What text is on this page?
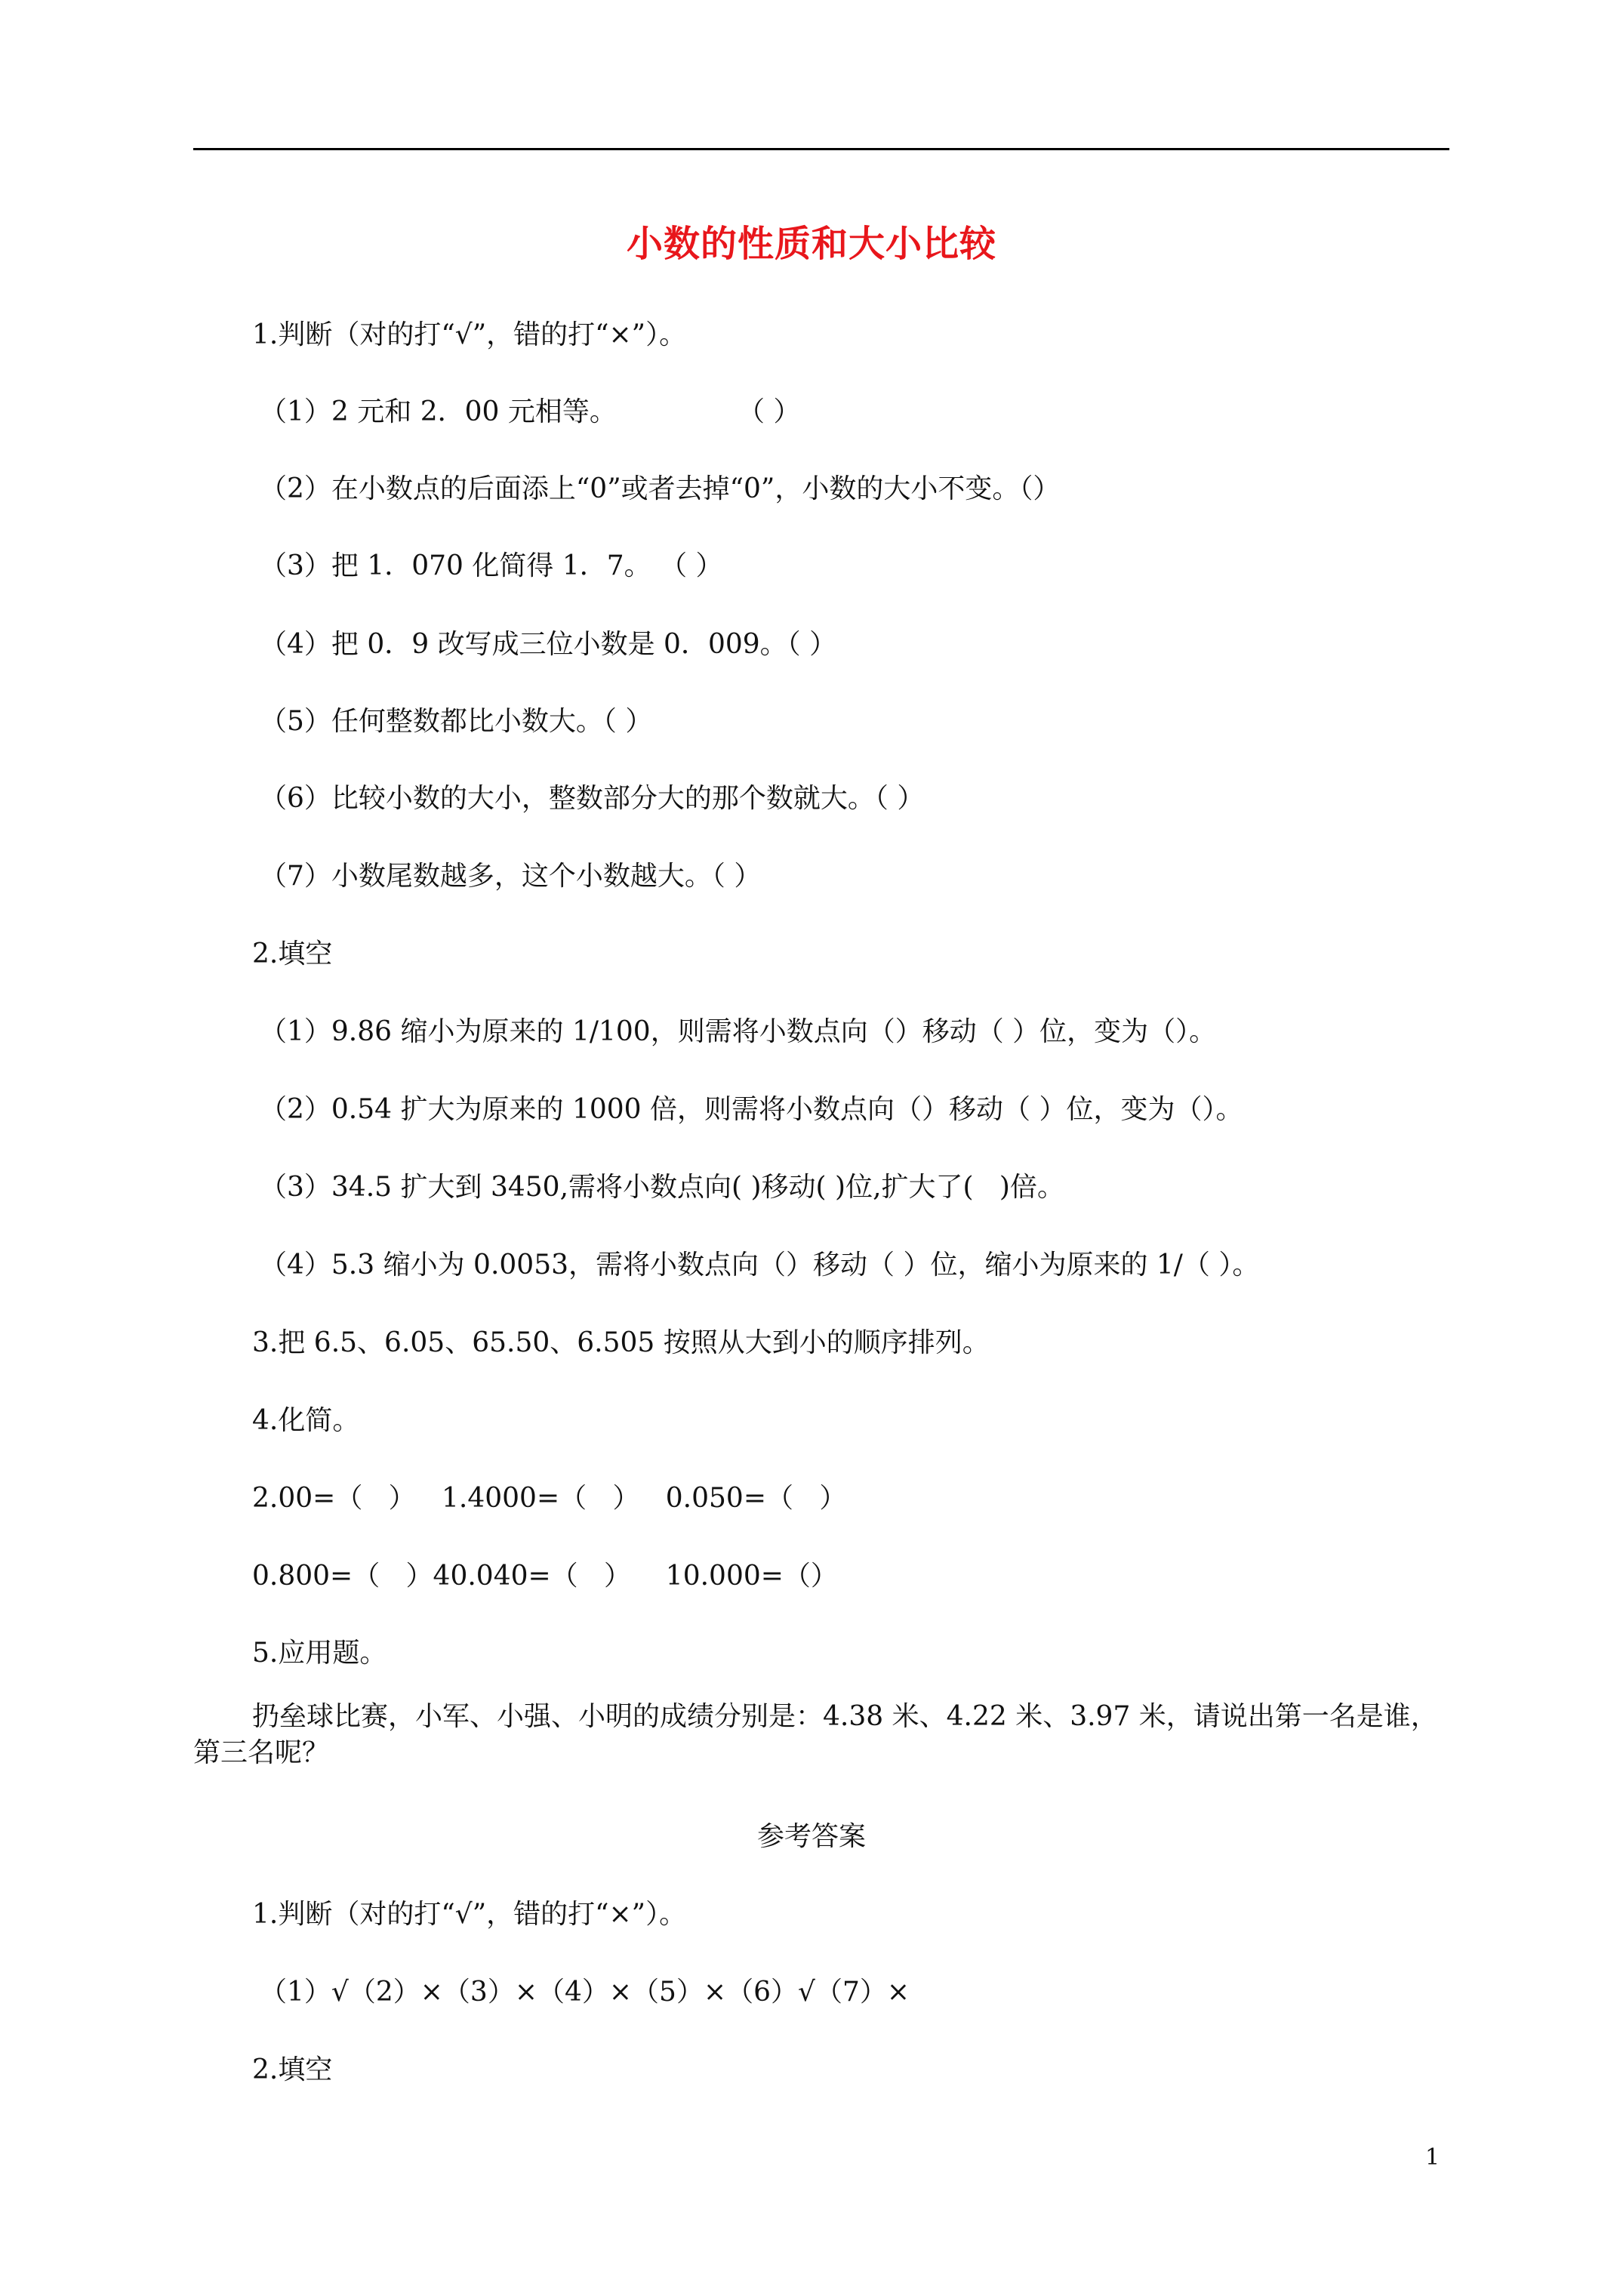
小数的性质和大小比较
1.判断（对的打“√”，错的打“×”）。
（1）2 元和 2．00 元相等。              （ ）
（2）在小数点的后面添上“0”或者去掉“0”，小数的大小不变。（）
（3）把 1．070 化简得 1．7。 （ ）
（4）把 0．9 改写成三位小数是 0．009。（ ）
（5）任何整数都比小数大。（ ）
（6）比较小数的大小，整数部分大的那个数就大。（ ）
（7）小数尾数越多，这个小数越大。（ ）
2.填空
（1）9.86 缩小为原来的 1/100，则需将小数点向（）移动（ ）位，变为（）。
（2）0.54 扩大为原来的 1000 倍，则需将小数点向（）移动（ ）位，变为（）。
（3）34.5 扩大到 3450,需将小数点向( )移动( )位,扩大了(   )倍。
（4）5.3 缩小为 0.0053，需将小数点向（）移动（ ）位，缩小为原来的 1/（ ）。
3.把 6.5、6.05、65.50、6.505 按照从大到小的顺序排列。
4.化简。
2.00=（   ）   1.4000=（   ）   0.050=（   ）
0.800=（   ）40.040=（   ）    10.000=（）
5.应用题。
扔垒球比赛，小军、小强、小明的成绩分别是：4.38 米、4.22 米、3.97 米，请说出第一名是谁，第三名呢？
参考答案
1.判断（对的打“√”，错的打“×”）。
（1）√（2）×（3）×（4）×（5）×（6）√（7）×
2.填空
1
